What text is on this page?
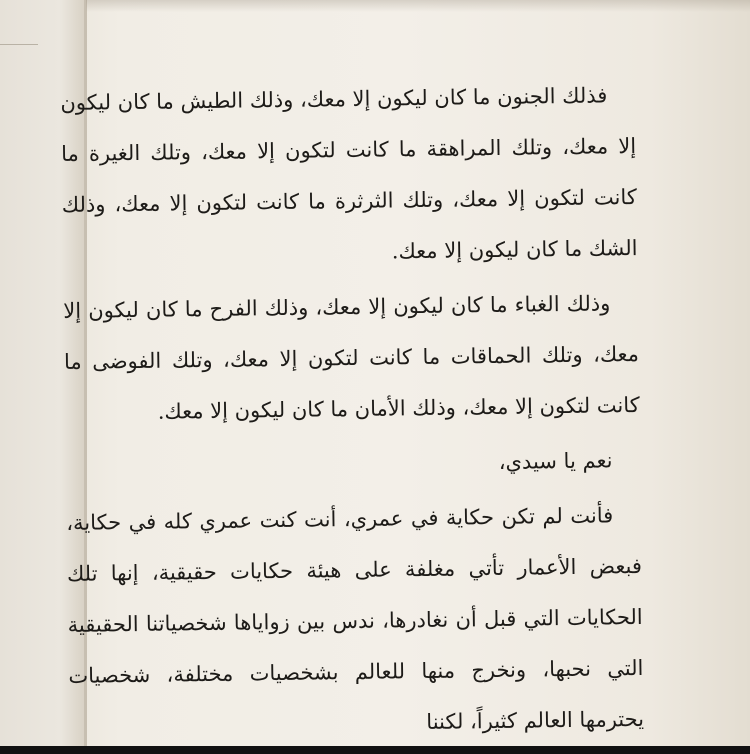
فذلك الجنون ما كان ليكون إلا معك، وذلك الطيش ما كان ليكون إلا معك، وتلك المراهقة ما كانت لتكون إلا معك، وتلك الغيرة ما كانت لتكون إلا معك، وتلك الثرثرة ما كانت لتكون إلا معك، وذلك الشك ما كان ليكون إلا معك.

وذلك الغباء ما كان ليكون إلا معك، وذلك الفرح ما كان ليكون إلا معك، وتلك الحماقات ما كانت لتكون إلا معك، وتلك الفوضى ما كانت لتكون إلا معك، وذلك الأمان ما كان ليكون إلا معك.

نعم يا سيدي،

فأنت لم تكن حكاية في عمري، أنت كنت عمري كله في حكاية، فبعض الأعمار تأتي مغلفة على هيئة حكايات حقيقية، إنها تلك الحكايات التي قبل أن نغادرها، ندس بين زواياها شخصياتنا الحقيقية التي نحبها، ونخرج منها للعالم بشخصيات مختلفة، شخصيات يحترمها العالم كثيراً، لكننا
